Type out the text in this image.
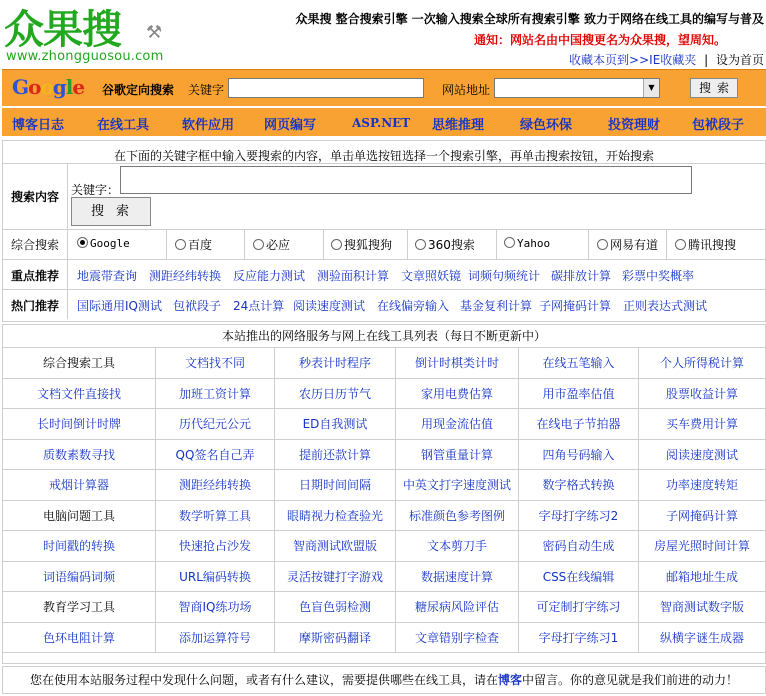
众果搜 ⚒
www.zhongguosou.com
众果搜 整合搜索引擎 一次输入搜索全球所有搜索引擎 致力于网络在线工具的编写与普及
通知：网站名由中国搜更名为众果搜，望周知。
收藏本页到>>IE收藏夹 | 设为首页
Google 谷歌定向搜索 关键字	网站地址	▼	搜索
博客日志	在线工具	软件应用 网页编写	ASP.NET 思维推理	绿色环保	投资理财 包袱段子
在下面的关键字框中输入要搜索的内容，单击单选按钮选择一个搜索引擎，再单击搜索按钮，开始搜索
搜索内容 关键字：
搜索
综合搜索	Google	百度	必应	搜狐搜狗	360搜索	Yahoo	网易有道	腾讯搜搜
重点推荐 地震带查询 测距经纬转换 反应能力测试 测验面积计算 文章照妖镜 词频句频统计 碳排放计算 彩票中奖概率
热门推荐 国际通用IQ测试 包袱段子 24点计算 阅读速度测试 在线偏旁输入 基金复利计算 子网掩码计算 正则表达式测试
本站推出的网络服务与网上在线工具列表（每日不断更新中）
综合搜索工具	文档找不同	秒表计时程序	倒计时棋类计时	在线五笔输入	个人所得税计算
文档文件直接找	加班工资计算	农历日历节气	家用电费估算	用市盈率估值	股票收益计算
长时间倒计时牌	历代纪元公元	ED自我测试	用现金流估值	在线电子节拍器	买车费用计算
质数素数寻找	QQ签名自己弄	提前还款计算	钢管重量计算	四角号码输入	阅读速度测试
戒烟计算器	测距经纬转换	日期时间间隔	中英文打字速度测试	数字格式转换	功率速度转矩
电脑问题工具	数学听算工具	眼睛视力检查验光	标准颜色参考图例	字母打字练习2	子网掩码计算
时间戳的转换	快速抢占沙发	智商测试欧盟版	文本剪刀手	密码自动生成	房屋光照时间计算
词语编码词频	URL编码转换	灵活按键打字游戏	数据速度计算	CSS在线编辑	邮箱地址生成
教育学习工具	智商IQ练功场	色盲色弱检测	糖尿病风险评估	可定制打字练习	智商测试数字版
色环电阻计算	添加运算符号	摩斯密码翻译	文章错别字检查	字母打字练习1	纵横字谜生成器
您在使用本站服务过程中发现什么问题，或者有什么建议，需要提供哪些在线工具，请在博客中留言。你的意见就是我们前进的动力！
